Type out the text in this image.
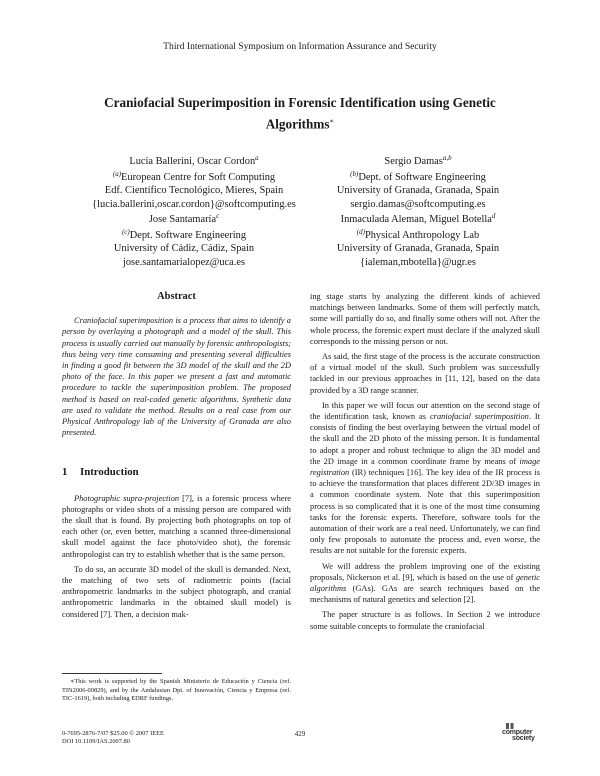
Third International Symposium on Information Assurance and Security
Craniofacial Superimposition in Forensic Identification using Genetic
Algorithms∗
Lucia Ballerini, Oscar Cordon$^a$
$^{(a)}$European Centre for Soft Computing
Edf. Científico Tecnológico, Mieres, Spain
{lucia.ballerini,oscar.cordon}@softcomputing.es
Sergio Damas$^{a,b}$
$^{(b)}$Dept. of Software Engineering
University of Granada, Granada, Spain
sergio.damas@softcomputing.es
Jose Santamaría$^c$
$^{(c)}$Dept. Software Engineering
University of Cádiz, Cádiz, Spain
jose.santamarialopez@uca.es
Inmaculada Aleman, Miguel Botella$^d$
$^{(d)}$Physical Anthropology Lab
University of Granada, Granada, Spain
{ialeman,mbotella}@ugr.es
Abstract

Craniofacial superimposition is a process that aims to identify a person by overlaying a photograph and a model of the skull. This process is usually carried out manually by forensic anthropologists; thus being very time consuming and presenting several difficulties in finding a good fit between the 3D model of the skull and the 2D photo of the face. In this paper we present a fast and automatic procedure to tackle the superimposition problem. The proposed method is based on real-coded genetic algorithms. Synthetic data are used to validate the method. Results on a real case from our Physical Anthropology lab of the University of Granada are also presented.

1 Introduction

Photographic supra-projection [7], is a forensic process where photographs or video shots of a missing person are compared with the skull that is found. By projecting both photographs on top of each other (or, even better, matching a scanned three-dimensional skull model against the face photo/video shot), the forensic anthropologist can try to establish whether that is the same person.

To do so, an accurate 3D model of the skull is demanded. Next, the matching of two sets of radiometric points (facial anthropometric landmarks in the subject photograph, and cranial anthropometric landmarks in the obtained skull model) is considered [7]. Then, a decision mak-

∗This work is supported by the Spanish Ministerio de Educación y Ciencia (ref. TIN2006-00829), and by the Andalusian Dpt. of Innovación, Ciencia y Empresa (ref. TIC-1619), both including EDRF fundings.

ing stage starts by analyzing the different kinds of achieved matchings between landmarks. Some of them will perfectly match, some will partially do so, and finally some others will not. After the whole process, the forensic expert must declare if the analyzed skull corresponds to the missing person or not.

As said, the first stage of the process is the accurate construction of a virtual model of the skull. Such problem was successfully tackled in our previous approaches in [11, 12], based on the data provided by a 3D range scanner.

In this paper we will focus our attention on the second stage of the identification task, known as craniofacial superimposition. It consists of finding the best overlaying between the virtual model of the skull and the 2D photo of the missing person. It is fundamental to adopt a proper and robust technique to align the 3D model and the 2D image in a common coordinate frame by means of image registration (IR) techniques [16]. The key idea of the IR process is to achieve the transformation that places different 2D/3D images in a common coordinate system. Note that this superimposition process is so complicated that it is one of the most time consuming tasks for the forensic experts. Therefore, software tools for the automation of their work are a real need. Unfortunately, we can find only few proposals to automate the process and, even worse, the results are not suitable for the forensic experts.

We will address the problem improving one of the existing proposals, Nickerson et al. [9], which is based on the use of genetic algorithms (GAs). GAs are search techniques based on the mechanisms of natural genetics and selection [2].

The paper structure is as follows. In Section 2 we introduce some suitable concepts to formulate the craniofacial

0-7695-2876-7/07 $25.00 © 2007 IEEE
DOI 10.1109/IAS.2007.80
429	computer
society
